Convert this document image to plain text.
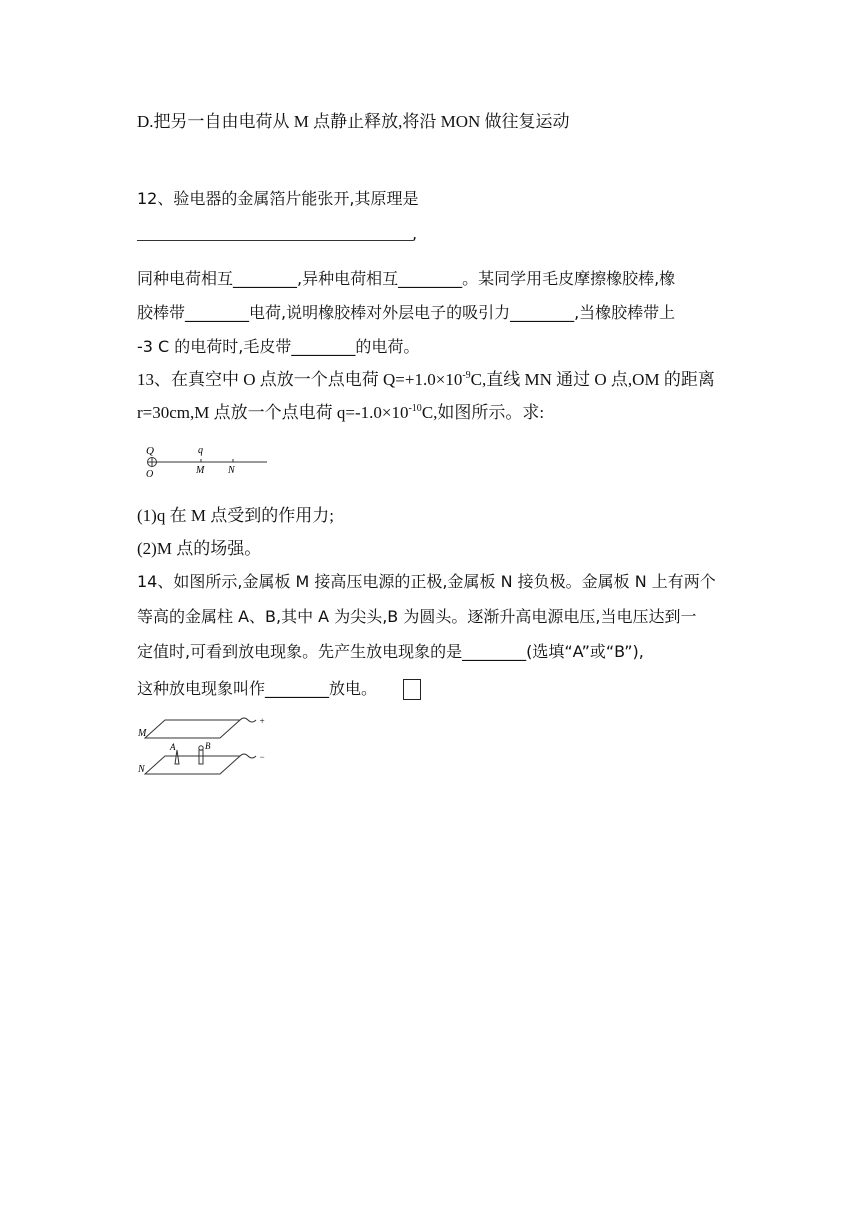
D.把另一自由电荷从 M 点静止释放,将沿 MON 做往复运动
12、验电器的金属箔片能张开,其原理是
,
同种电荷相互________,异种电荷相互________。某同学用毛皮摩擦橡胶棒,橡
胶棒带________电荷,说明橡胶棒对外层电子的吸引力________,当橡胶棒带上
-3 C 的电荷时,毛皮带________的电荷。
13、在真空中 O 点放一个点电荷 $Q=+1.0\times 10^{-9}C$,直线 MN 通过 O 点,OM 的距离
r=30cm,M 点放一个点电荷 $q=-1.0\times 10^{-10}C$,如图所示。求:
Q	q
O	M N
(1)q 在 M 点受到的作用力;
(2)M 点的场强。
14、如图所示,金属板 M 接高压电源的正极,金属板 N 接负极。金属板 N 上有两个
等高的金属柱 A、B,其中 A 为尖头,B 为圆头。逐渐升高电源电压,当电压达到一
定值时,可看到放电现象。先产生放电现象的是________(选填“A”或“B”),
这种放电现象叫作________放电。
M
+
N
−
A	B
